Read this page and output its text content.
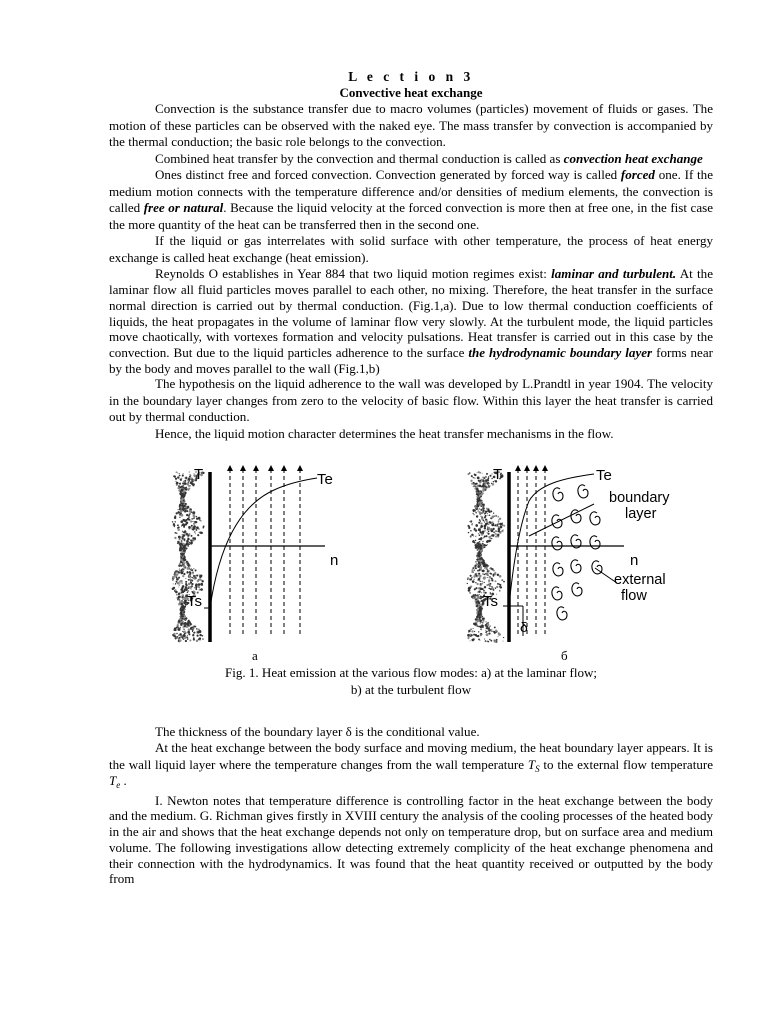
L e c t i o n 3
Convective heat exchange

Convection is the substance transfer due to macro volumes (particles) movement of fluids or gases. The motion of these particles can be observed with the naked eye. The mass transfer by convection is accompanied by the thermal conduction; the basic role belongs to the convection.

Combined heat transfer by the convection and thermal conduction is called as convection heat exchange

Ones distinct free and forced convection. Convection generated by forced way is called forced one. If the medium motion connects with the temperature difference and/or densities of medium elements, the convection is called free or natural. Because the liquid velocity at the forced convection is more then at free one, in the fist case the more quantity of the heat can be transferred then in the second one.

If the liquid or gas interrelates with solid surface with other temperature, the process of heat energy exchange is called heat exchange (heat emission).

Reynolds O establishes in Year 884 that two liquid motion regimes exist: laminar and turbulent. At the laminar flow all fluid particles moves parallel to each other, no mixing. Therefore, the heat transfer in the surface normal direction is carried out by thermal conduction. (Fig.1,a). Due to low thermal conduction coefficients of liquids, the heat propagates in the volume of laminar flow very slowly. At the turbulent mode, the liquid particles move chaotically, with vortexes formation and velocity pulsations. Heat transfer is carried out in this case by the convection. But due to the liquid particles adherence to the surface the hydrodynamic boundary layer forms near by the body and moves parallel to the wall (Fig.1,b)

The hypothesis on the liquid adherence to the wall was developed by L.Prandtl in year 1904. The velocity in the boundary layer changes from zero to the velocity of basic flow. Within this layer the heat transfer is carried out by thermal conduction.

Hence, the liquid motion character determines the heat transfer mechanisms in the flow.

T	Te
n
Ts
T	Te
n
Ts
δ
boundary
layer
external
flow
a	б
Fig. 1. Heat emission at the various flow modes: a) at the laminar flow;
b) at the turbulent flow

The thickness of the boundary layer δ is the conditional value.

At the heat exchange between the body surface and moving medium, the heat boundary layer appears. It is the wall liquid layer where the temperature changes from the wall temperature $T_S$ to the external flow temperature $T_e$ .

I. Newton notes that temperature difference is controlling factor in the heat exchange between the body and the medium. G. Richman gives firstly in XVIII century the analysis of the cooling processes of the heated body in the air and shows that the heat exchange depends not only on temperature drop, but on surface area and medium volume. The following investigations allow detecting extremely complicity of the heat exchange phenomena and their connection with the hydrodynamics. It was found that the heat quantity received or outputted by the body from
